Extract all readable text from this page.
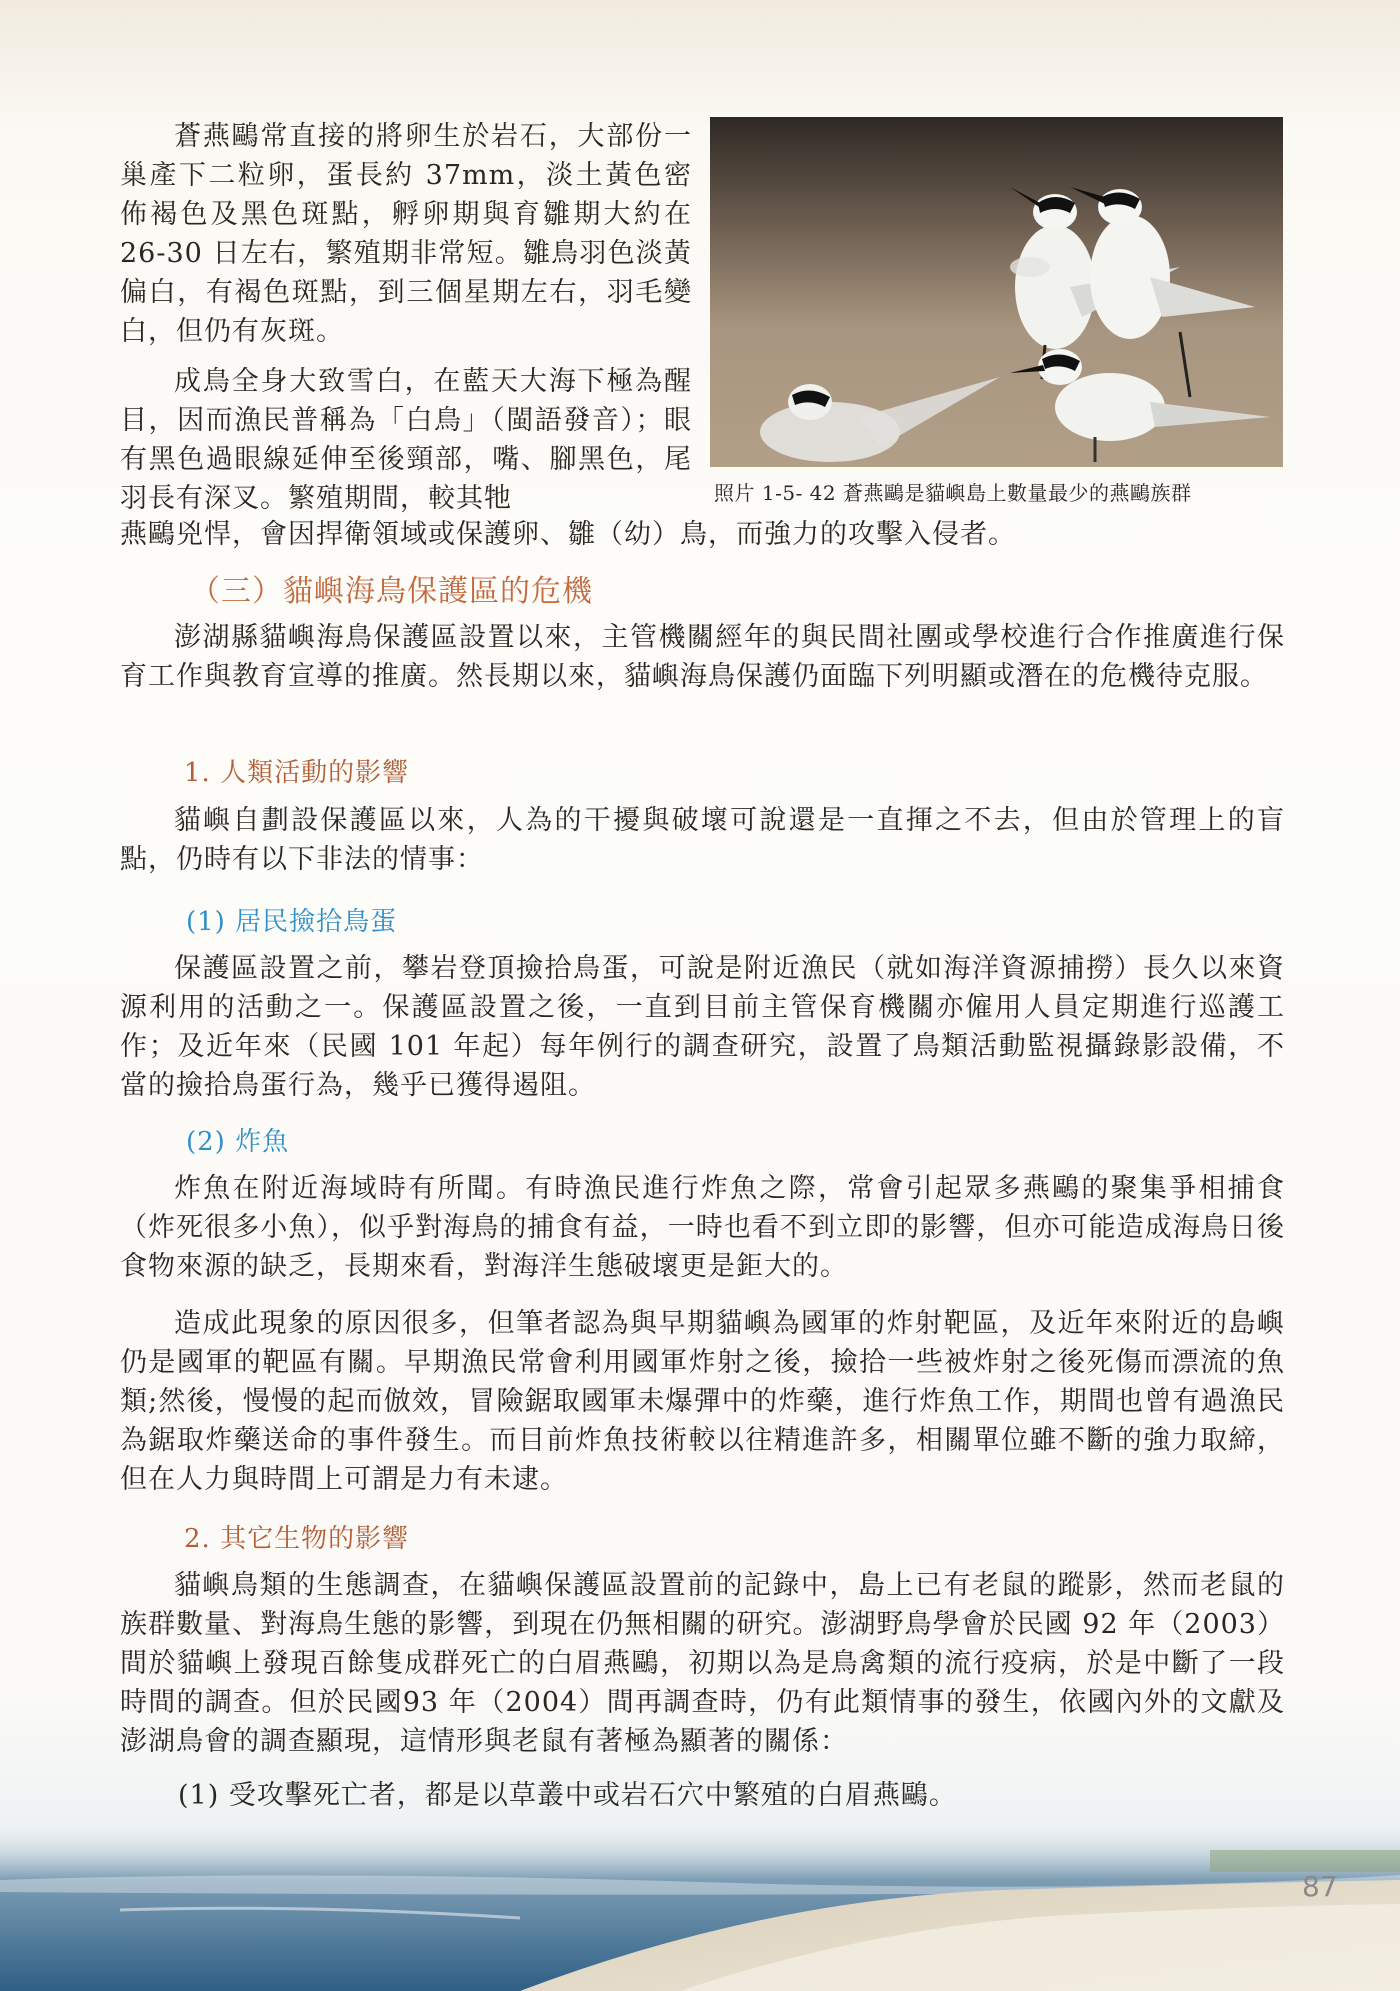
蒼燕鷗常直接的將卵生於岩石，大部份一巢產下二粒卵，蛋長約 37mm，淡土黃色密佈褐色及黑色斑點，孵卵期與育雛期大約在 26-30 日左右，繁殖期非常短。雛鳥羽色淡黃偏白，有褐色斑點，到三個星期左右，羽毛變白，但仍有灰斑。

成鳥全身大致雪白，在藍天大海下極為醒目，因而漁民普稱為「白鳥」（閩語發音）；眼有黑色過眼線延伸至後頸部，嘴、腳黑色，尾羽長有深叉。繁殖期間，較其牠

燕鷗兇悍，會因捍衛領域或保護卵、雛（幼）鳥，而強力的攻擊入侵者。

照片 1-5- 42 蒼燕鷗是貓嶼島上數量最少的燕鷗族群

（三）貓嶼海鳥保護區的危機

澎湖縣貓嶼海鳥保護區設置以來，主管機關經年的與民間社團或學校進行合作推廣進行保育工作與教育宣導的推廣。然長期以來，貓嶼海鳥保護仍面臨下列明顯或潛在的危機待克服。

1. 人類活動的影響

貓嶼自劃設保護區以來，人為的干擾與破壞可說還是一直揮之不去，但由於管理上的盲點，仍時有以下非法的情事：

(1) 居民撿拾鳥蛋

保護區設置之前，攀岩登頂撿拾鳥蛋，可說是附近漁民（就如海洋資源捕撈）長久以來資源利用的活動之一。保護區設置之後，一直到目前主管保育機關亦僱用人員定期進行巡護工作；及近年來（民國 101 年起）每年例行的調查研究，設置了鳥類活動監視攝錄影設備，不當的撿拾鳥蛋行為，幾乎已獲得遏阻。

(2) 炸魚

炸魚在附近海域時有所聞。有時漁民進行炸魚之際，常會引起眾多燕鷗的聚集爭相捕食（炸死很多小魚），似乎對海鳥的捕食有益，一時也看不到立即的影響，但亦可能造成海鳥日後食物來源的缺乏，長期來看，對海洋生態破壞更是鉅大的。

造成此現象的原因很多，但筆者認為與早期貓嶼為國軍的炸射靶區，及近年來附近的島嶼仍是國軍的靶區有關。早期漁民常會利用國軍炸射之後，撿拾一些被炸射之後死傷而漂流的魚類;然後，慢慢的起而倣效，冒險鋸取國軍未爆彈中的炸藥，進行炸魚工作，期間也曾有過漁民為鋸取炸藥送命的事件發生。而目前炸魚技術較以往精進許多，相關單位雖不斷的強力取締，但在人力與時間上可謂是力有未逮。

2. 其它生物的影響

貓嶼鳥類的生態調查，在貓嶼保護區設置前的記錄中，島上已有老鼠的蹤影，然而老鼠的族群數量、對海鳥生態的影響，到現在仍無相關的研究。澎湖野鳥學會於民國 92 年（2003）間於貓嶼上發現百餘隻成群死亡的白眉燕鷗，初期以為是鳥禽類的流行疫病，於是中斷了一段時間的調查。但於民國93 年（2004）間再調查時，仍有此類情事的發生，依國內外的文獻及澎湖鳥會的調查顯現，這情形與老鼠有著極為顯著的關係：

(1) 受攻擊死亡者，都是以草叢中或岩石穴中繁殖的白眉燕鷗。

87
